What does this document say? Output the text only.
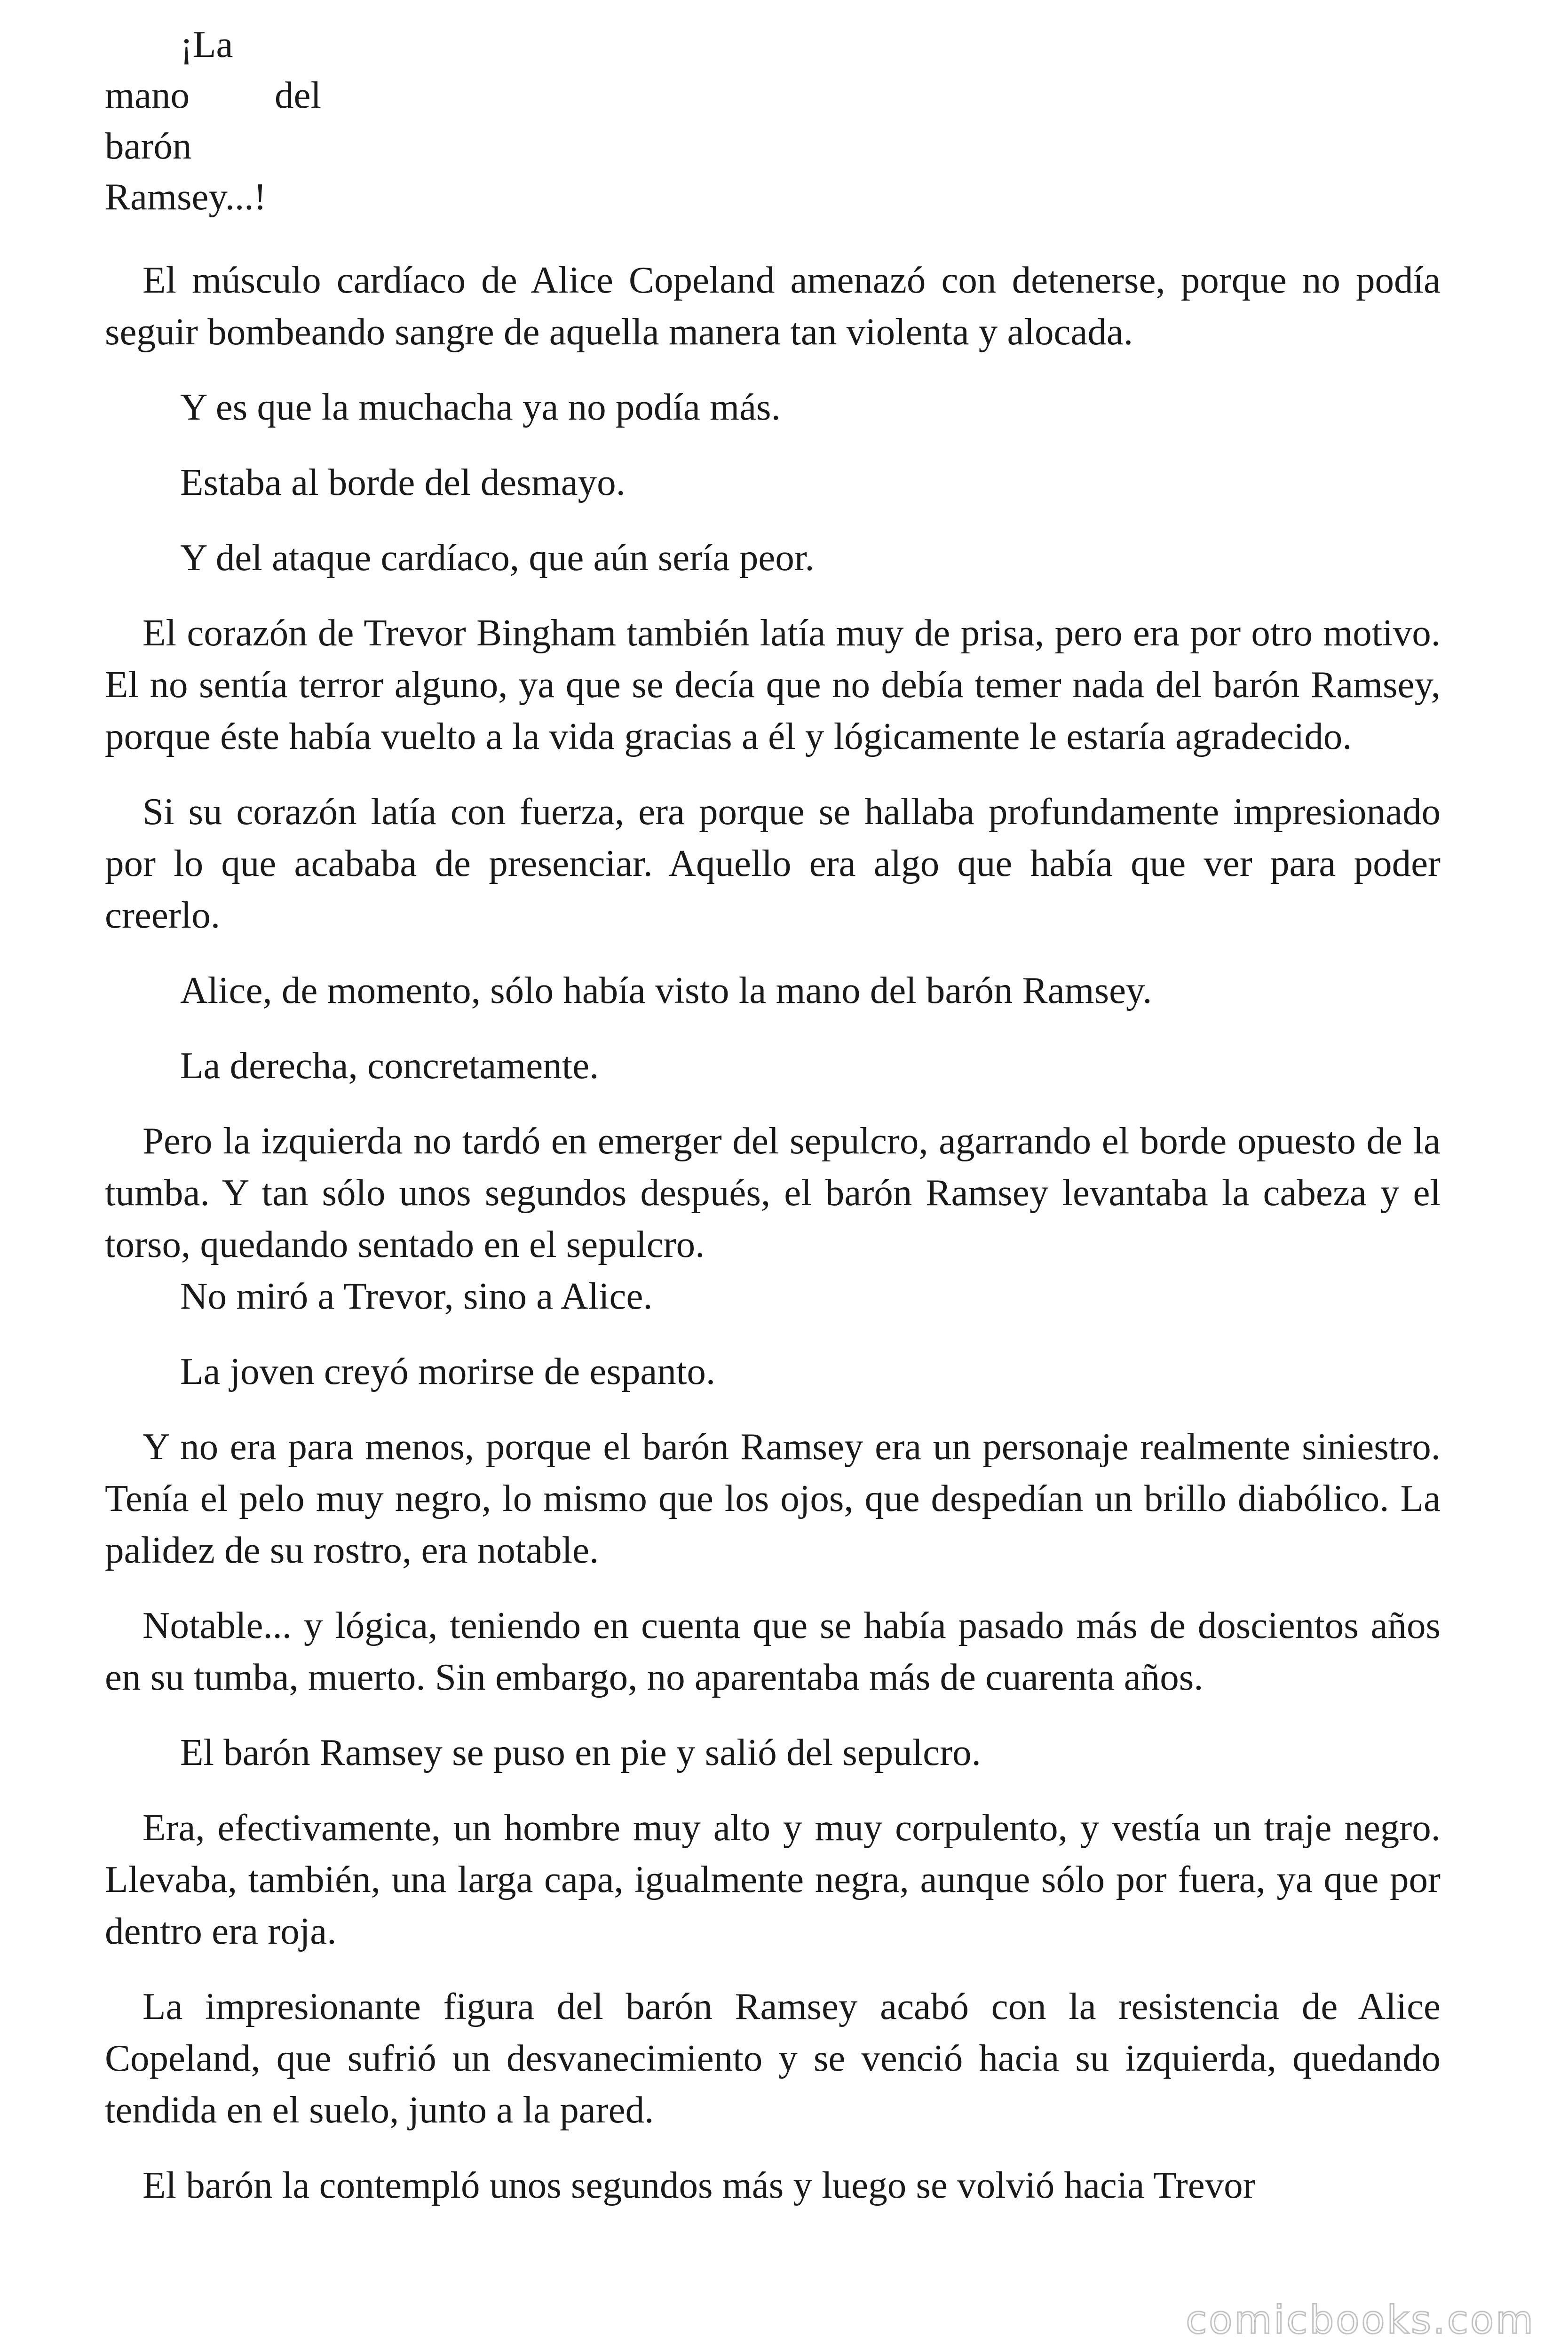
¡La
mano del
barón
Ramsey...!

El músculo cardíaco de Alice Copeland amenazó con detenerse, porque no podía seguir bombeando sangre de aquella manera tan violenta y alocada.

Y es que la muchacha ya no podía más.

Estaba al borde del desmayo.

Y del ataque cardíaco, que aún sería peor.

El corazón de Trevor Bingham también latía muy de prisa, pero era por otro motivo. El no sentía terror alguno, ya que se decía que no debía temer nada del barón Ramsey, porque éste había vuelto a la vida gracias a él y lógicamente le estaría agradecido.

Si su corazón latía con fuerza, era porque se hallaba profundamente impresionado por lo que acababa de presenciar. Aquello era algo que había que ver para poder creerlo.

Alice, de momento, sólo había visto la mano del barón Ramsey.

La derecha, concretamente.

Pero la izquierda no tardó en emerger del sepulcro, agarrando el borde opuesto de la tumba. Y tan sólo unos segundos después, el barón Ramsey levantaba la cabeza y el torso, quedando sentado en el sepulcro.

No miró a Trevor, sino a Alice.

La joven creyó morirse de espanto.

Y no era para menos, porque el barón Ramsey era un personaje realmente siniestro. Tenía el pelo muy negro, lo mismo que los ojos, que despedían un brillo diabólico. La palidez de su rostro, era notable.

Notable... y lógica, teniendo en cuenta que se había pasado más de doscientos años en su tumba, muerto. Sin embargo, no aparentaba más de cuarenta años.

El barón Ramsey se puso en pie y salió del sepulcro.

Era, efectivamente, un hombre muy alto y muy corpulento, y vestía un traje negro. Llevaba, también, una larga capa, igualmente negra, aunque sólo por fuera, ya que por dentro era roja.

La impresionante figura del barón Ramsey acabó con la resistencia de Alice Copeland, que sufrió un desvanecimiento y se venció hacia su izquierda, quedando tendida en el suelo, junto a la pared.

El barón la contempló unos segundos más y luego se volvió hacia Trevor

comicbooks.com
